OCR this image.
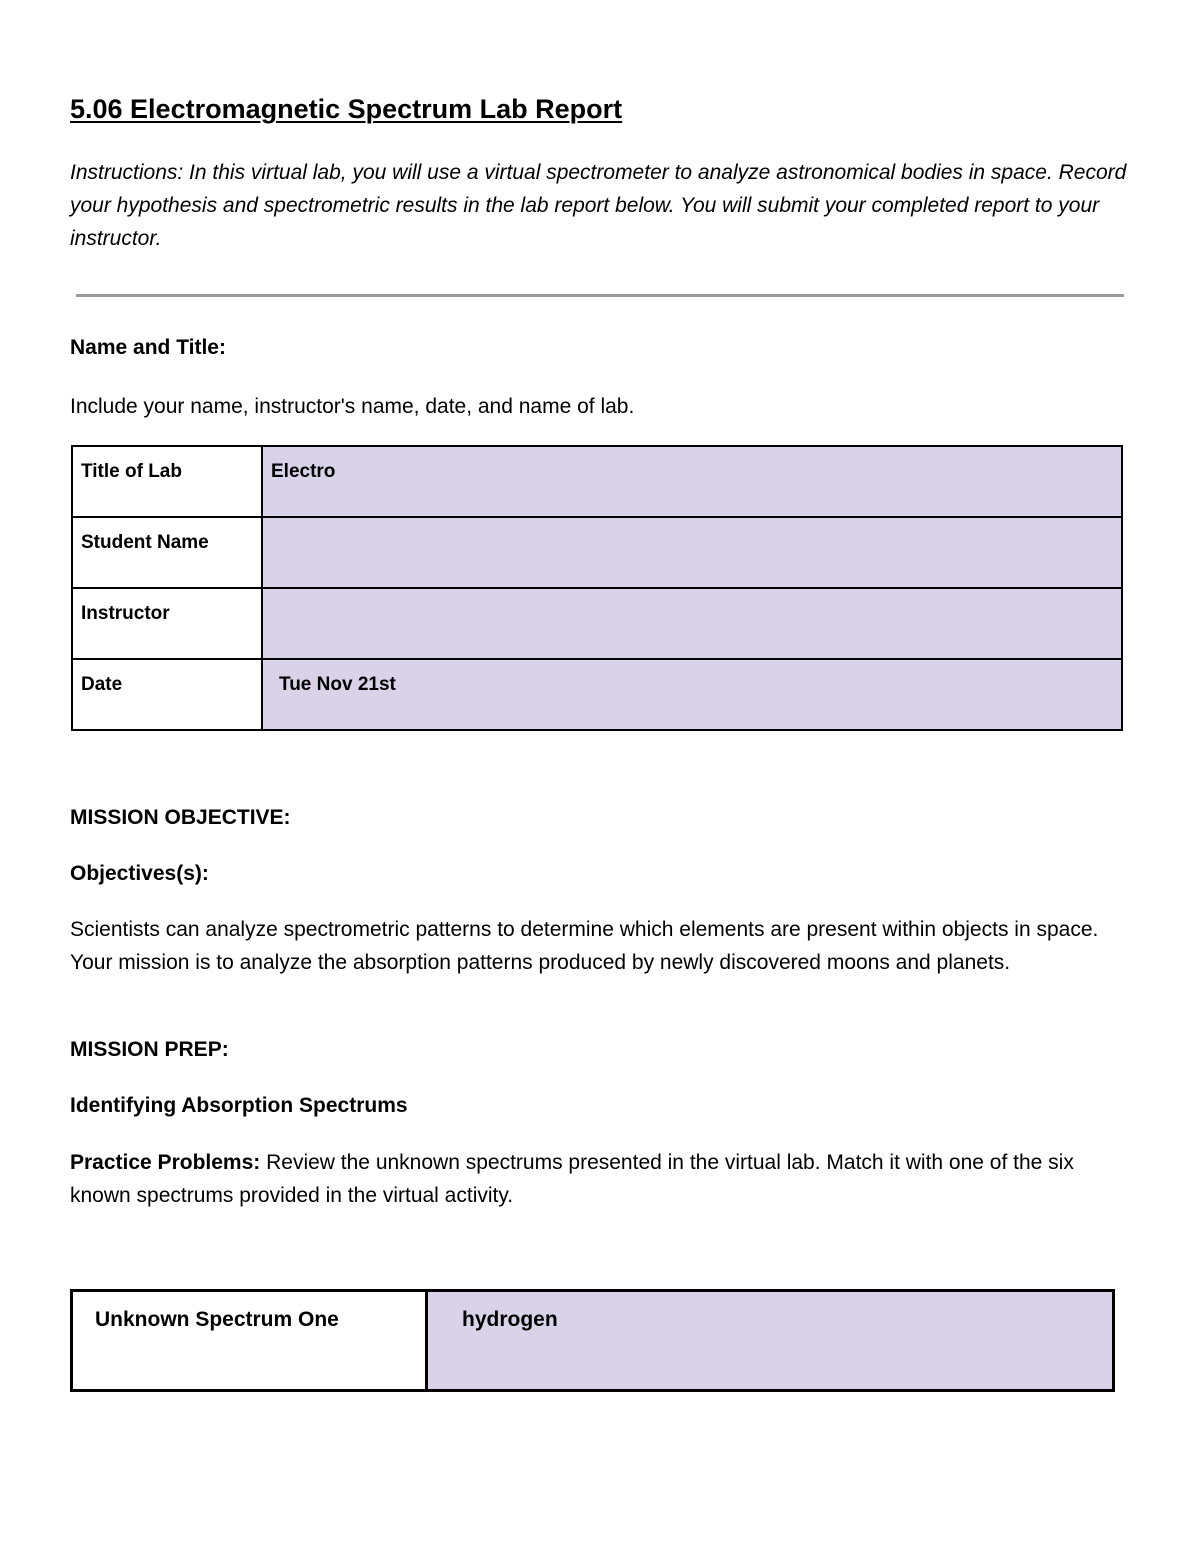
5.06 Electromagnetic Spectrum Lab Report

Instructions: In this virtual lab, you will use a virtual spectrometer to analyze astronomical bodies in space. Record your hypothesis and spectrometric results in the lab report below. You will submit your completed report to your instructor.

Name and Title:

Include your name, instructor's name, date, and name of lab.

Title of Lab	Electro
Student Name	
Instructor	
Date	Tue Nov 21st

MISSION OBJECTIVE:

Objectives(s):

Scientists can analyze spectrometric patterns to determine which elements are present within objects in space. Your mission is to analyze the absorption patterns produced by newly discovered moons and planets.

MISSION PREP:

Identifying Absorption Spectrums

Practice Problems: Review the unknown spectrums presented in the virtual lab. Match it with one of the six known spectrums provided in the virtual activity.

Unknown Spectrum One	hydrogen
